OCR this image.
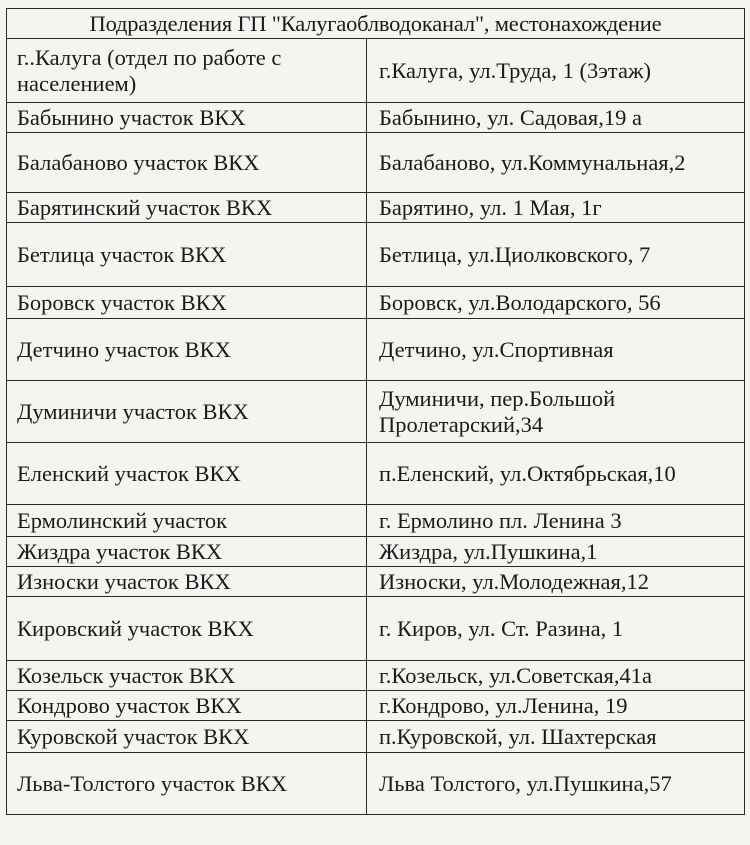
Подразделения ГП "Калугаоблводоканал", местонахождение	
г..Калуга (отдел по работе с населением)	г.Калуга, ул.Труда, 1 (3этаж)
Бабынино участок ВКХ	Бабынино, ул. Садовая,19 а
Балабаново участок ВКХ	Балабаново, ул.Коммунальная,2
Барятинский участок ВКХ	Барятино, ул. 1 Мая, 1г
Бетлица участок ВКХ	Бетлица, ул.Циолковского, 7
Боровск участок ВКХ	Боровск, ул.Володарского, 56
Детчино участок ВКХ	Детчино, ул.Спортивная
Думиничи участок ВКХ	Думиничи, пер.Большой Пролетарский,34
Еленский участок ВКХ	п.Еленский, ул.Октябрьская,10
Ермолинский участок	г. Ермолино пл. Ленина 3
Жиздра участок ВКХ	Жиздра, ул.Пушкина,1
Износки участок ВКХ	Износки, ул.Молодежная,12
Кировский участок ВКХ	г. Киров, ул. Ст. Разина, 1
Козельск участок ВКХ	г.Козельск, ул.Советская,41а
Кондрово участок ВКХ	г.Кондрово, ул.Ленина, 19
Куровской участок ВКХ	п.Куровской, ул. Шахтерская
Льва-Толстого участок ВКХ	Льва Толстого, ул.Пушкина,57
